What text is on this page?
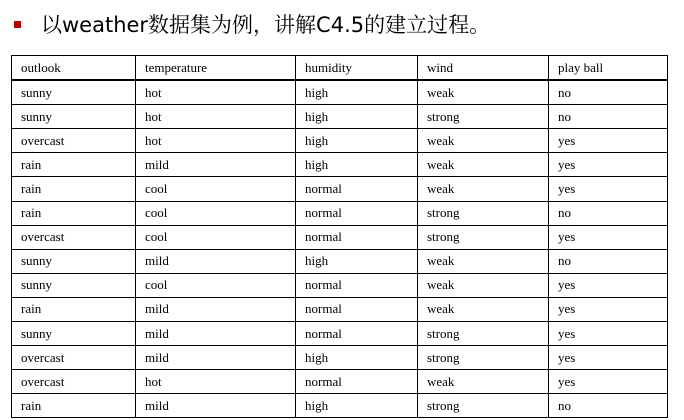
以weather数据集为例，讲解C4.5的建立过程。
outlook	temperature	humidity	wind	play ball
sunny	hot	high	weak	no
sunny	hot	high	strong	no
overcast	hot	high	weak	yes
rain	mild	high	weak	yes
rain	cool	normal	weak	yes
rain	cool	normal	strong	no
overcast	cool	normal	strong	yes
sunny	mild	high	weak	no
sunny	cool	normal	weak	yes
rain	mild	normal	weak	yes
sunny	mild	normal	strong	yes
overcast	mild	high	strong	yes
overcast	hot	normal	weak	yes
rain	mild	high	strong	no
